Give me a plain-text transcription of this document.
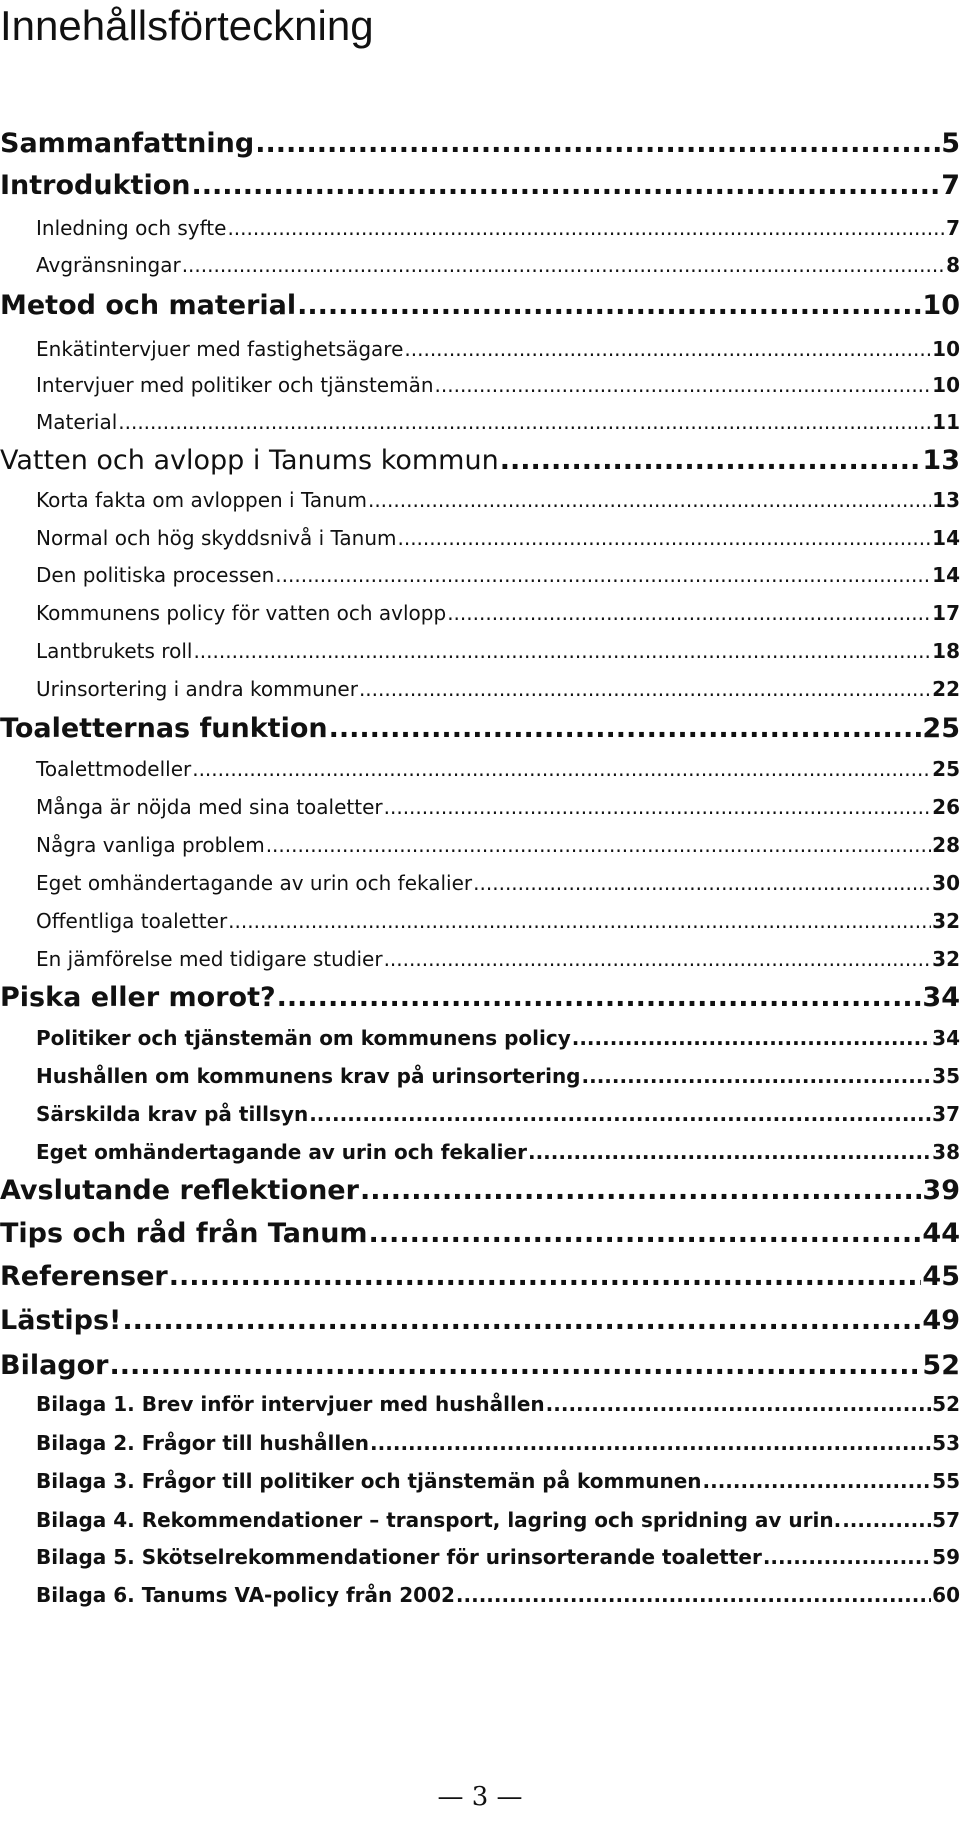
Innehållsförteckning
Sammanfattning .....	5
Introduktion .....	7
Inledning och syfte .....	7
Avgränsningar .....	8
Metod och material .....	10
Enkätintervjuer med fastighetsägare .....	10
Intervjuer med politiker och tjänstemän .....	10
Material .....	11
Vatten och avlopp i Tanums kommun .....	13
Korta fakta om avloppen i Tanum .....	13
Normal och hög skyddsnivå i Tanum .....	14
Den politiska processen .....	14
Kommunens policy för vatten och avlopp .....	17
Lantbrukets roll .....	18
Urinsortering i andra kommuner .....	22
Toaletternas funktion .....	25
Toalettmodeller .....	25
Många är nöjda med sina toaletter .....	26
Några vanliga problem .....	28
Eget omhändertagande av urin och fekalier .....	30
Offentliga toaletter .....	32
En jämförelse med tidigare studier .....	32
Piska eller morot? .....	34
Politiker och tjänstemän om kommunens policy .....	34
Hushållen om kommunens krav på urinsortering .....	35
Särskilda krav på tillsyn .....	37
Eget omhändertagande av urin och fekalier .....	38
Avslutande reflektioner .....	39
Tips och råd från Tanum .....	44
Referenser .....	45
Lästips! .....	49
Bilagor .....	52
Bilaga 1. Brev inför intervjuer med hushållen .....	52
Bilaga 2. Frågor till hushållen .....	53
Bilaga 3. Frågor till politiker och tjänstemän på kommunen .....	55
Bilaga 4. Rekommendationer – transport, lagring och spridning av urin. .....	57
Bilaga 5. Skötselrekommendationer för urinsorterande toaletter .....	59
Bilaga 6. Tanums VA-policy från 2002 .....	60
— 3 —
